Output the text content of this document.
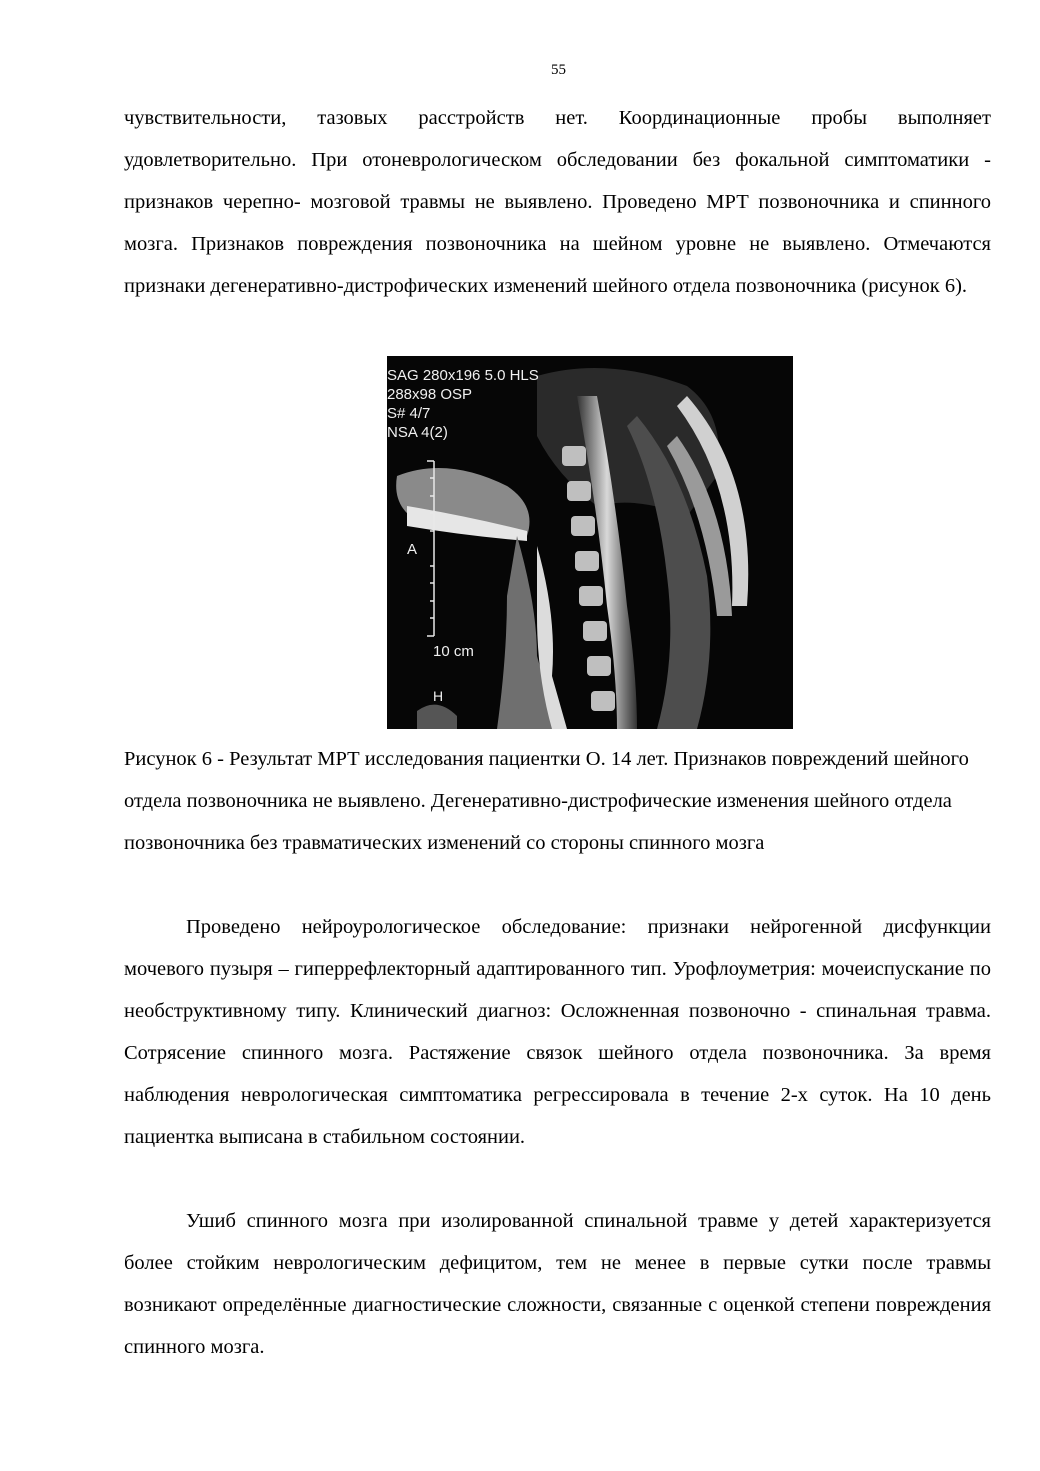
55

чувствительности, тазовых расстройств нет. Координационные пробы выполняет удовлетворительно. При отоневрологическом обследовании без фокальной симптоматики - признаков черепно- мозговой травмы не выявлено. Проведено МРТ позвоночника и спинного мозга. Признаков повреждения позвоночника на шейном уровне не выявлено. Отмечаются признаки дегенеративно-дистрофических изменений шейного отдела позвоночника (рисунок 6).

SAG 280x196 5.0 HLS
288x98 OSP
S# 4/7
NSA 4(2)
A
10 cm
H
Рисунок 6 - Результат МРТ исследования пациентки О. 14 лет. Признаков повреждений шейного отдела позвоночника не выявлено. Дегенеративно-дистрофические изменения шейного отдела позвоночника без травматических изменений со стороны спинного мозга

Проведено нейроурологическое обследование: признаки нейрогенной дисфункции мочевого пузыря – гиперрефлекторный адаптированного тип. Урофлоуметрия: мочеиспускание по необструктивному типу. Клинический диагноз: Осложненная позвоночно - спинальная травма. Сотрясение спинного мозга. Растяжение связок шейного отдела позвоночника. За время наблюдения неврологическая симптоматика регрессировала в течение 2-х суток. На 10 день пациентка выписана в стабильном состоянии.

Ушиб спинного мозга при изолированной спинальной травме у детей характеризуется более стойким неврологическим дефицитом, тем не менее в первые сутки после травмы возникают определённые диагностические сложности, связанные с оценкой степени повреждения спинного мозга.
